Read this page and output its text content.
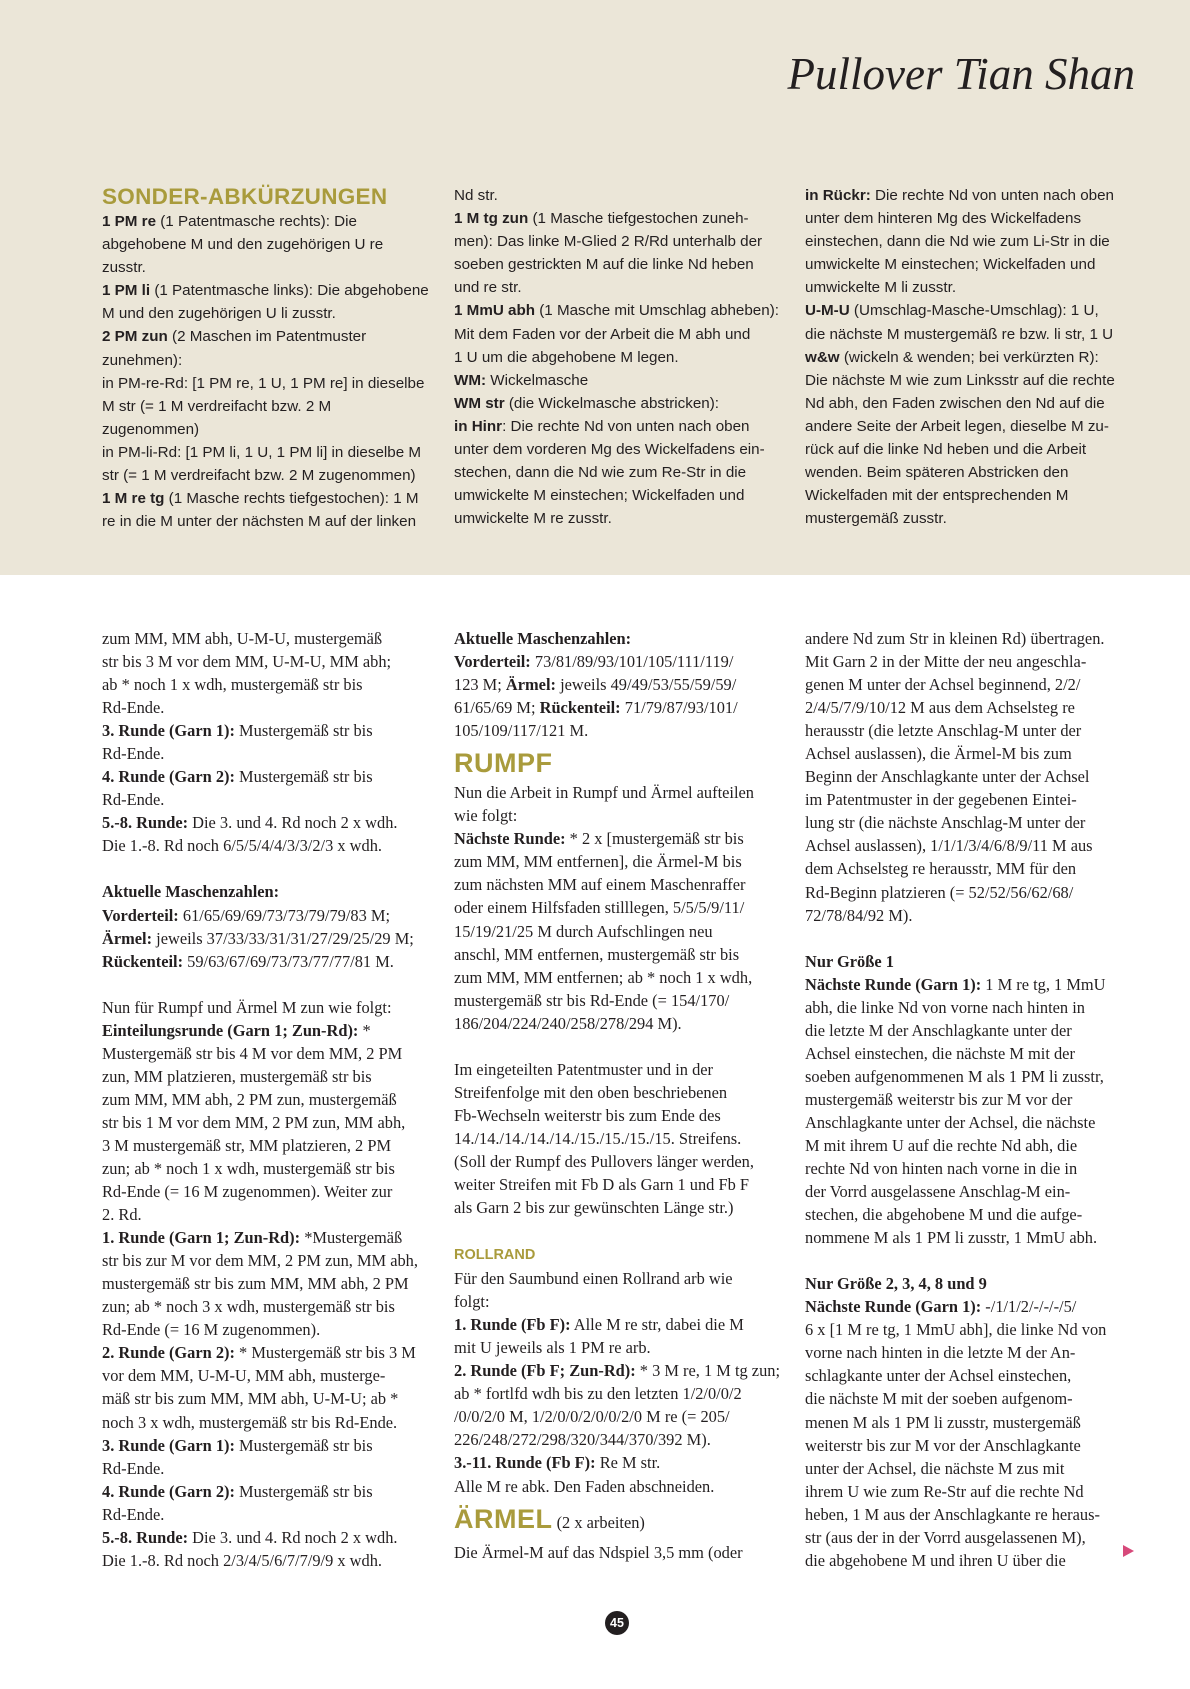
Pullover Tian Shan
SONDER-ABKÜRZUNGEN
1 PM re (1 Patentmasche rechts): Die
abgehobene M und den zugehörigen U re
zusstr.
1 PM li (1 Patentmasche links): Die abgehobene
M und den zugehörigen U li zusstr.
2 PM zun (2 Maschen im Patentmuster
zunehmen):
in PM-re-Rd: [1 PM re, 1 U, 1 PM re] in dieselbe
M str (= 1 M verdreifacht bzw. 2 M
zugenommen)
in PM-li-Rd: [1 PM li, 1 U, 1 PM li] in dieselbe M
str (= 1 M verdreifacht bzw. 2 M zugenommen)
1 M re tg (1 Masche rechts tiefgestochen): 1 M
re in die M unter der nächsten M auf der linken
Nd str.
1 M tg zun (1 Masche tiefgestochen zuneh-
men): Das linke M-Glied 2 R/Rd unterhalb der
soeben gestrickten M auf die linke Nd heben
und re str.
1 MmU abh (1 Masche mit Umschlag abheben):
Mit dem Faden vor der Arbeit die M abh und
1 U um die abgehobene M legen.
WM: Wickelmasche
WM str (die Wickelmasche abstricken):
in Hinr: Die rechte Nd von unten nach oben
unter dem vorderen Mg des Wickelfadens ein-
stechen, dann die Nd wie zum Re-Str in die
umwickelte M einstechen; Wickelfaden und
umwickelte M re zusstr.
in Rückr: Die rechte Nd von unten nach oben
unter dem hinteren Mg des Wickelfadens
einstechen, dann die Nd wie zum Li-Str in die
umwickelte M einstechen; Wickelfaden und
umwickelte M li zusstr.
U-M-U (Umschlag-Masche-Umschlag): 1 U,
die nächste M mustergemäß re bzw. li str, 1 U
w&w (wickeln & wenden; bei verkürzten R):
Die nächste M wie zum Linksstr auf die rechte
Nd abh, den Faden zwischen den Nd auf die
andere Seite der Arbeit legen, dieselbe M zu-
rück auf die linke Nd heben und die Arbeit
wenden. Beim späteren Abstricken den
Wickelfaden mit der entsprechenden M
mustergemäß zusstr.
zum MM, MM abh, U-M-U, mustergemäß
str bis 3 M vor dem MM, U-M-U, MM abh;
ab * noch 1 x wdh, mustergemäß str bis
Rd-Ende.
3. Runde (Garn 1): Mustergemäß str bis
Rd-Ende.
4. Runde (Garn 2): Mustergemäß str bis
Rd-Ende.
5.-8. Runde: Die 3. und 4. Rd noch 2 x wdh.
Die 1.-8. Rd noch 6/5/5/4/4/3/3/2/3 x wdh.
Aktuelle Maschenzahlen:
Vorderteil: 61/65/69/69/73/73/79/79/83 M;
Ärmel: jeweils 37/33/33/31/31/27/29/25/29 M;
Rückenteil: 59/63/67/69/73/73/77/77/81 M.
Nun für Rumpf und Ärmel M zun wie folgt:
Einteilungsrunde (Garn 1; Zun-Rd): *
Mustergemäß str bis 4 M vor dem MM, 2 PM
zun, MM platzieren, mustergemäß str bis
zum MM, MM abh, 2 PM zun, mustergemäß
str bis 1 M vor dem MM, 2 PM zun, MM abh,
3 M mustergemäß str, MM platzieren, 2 PM
zun; ab * noch 1 x wdh, mustergemäß str bis
Rd-Ende (= 16 M zugenommen). Weiter zur
2. Rd.
1. Runde (Garn 1; Zun-Rd): *Mustergemäß
str bis zur M vor dem MM, 2 PM zun, MM abh,
mustergemäß str bis zum MM, MM abh, 2 PM
zun; ab * noch 3 x wdh, mustergemäß str bis
Rd-Ende (= 16 M zugenommen).
2. Runde (Garn 2): * Mustergemäß str bis 3 M
vor dem MM, U-M-U, MM abh, musterge-
mäß str bis zum MM, MM abh, U-M-U; ab *
noch 3 x wdh, mustergemäß str bis Rd-Ende.
3. Runde (Garn 1): Mustergemäß str bis
Rd-Ende.
4. Runde (Garn 2): Mustergemäß str bis
Rd-Ende.
5.-8. Runde: Die 3. und 4. Rd noch 2 x wdh.
Die 1.-8. Rd noch 2/3/4/5/6/7/7/9/9 x wdh.
Aktuelle Maschenzahlen:
Vorderteil: 73/81/89/93/101/105/111/119/
123 M; Ärmel: jeweils 49/49/53/55/59/59/
61/65/69 M; Rückenteil: 71/79/87/93/101/
105/109/117/121 M.
RUMPF
Nun die Arbeit in Rumpf und Ärmel aufteilen
wie folgt:
Nächste Runde: * 2 x [mustergemäß str bis
zum MM, MM entfernen], die Ärmel-M bis
zum nächsten MM auf einem Maschenraffer
oder einem Hilfsfaden stilllegen, 5/5/5/9/11/
15/19/21/25 M durch Aufschlingen neu
anschl, MM entfernen, mustergemäß str bis
zum MM, MM entfernen; ab * noch 1 x wdh,
mustergemäß str bis Rd-Ende (= 154/170/
186/204/224/240/258/278/294 M).
Im eingeteilten Patentmuster und in der
Streifenfolge mit den oben beschriebenen
Fb-Wechseln weiterstr bis zum Ende des
14./14./14./14./14./15./15./15./15. Streifens.
(Soll der Rumpf des Pullovers länger werden,
weiter Streifen mit Fb D als Garn 1 und Fb F
als Garn 2 bis zur gewünschten Länge str.)
ROLLRAND
Für den Saumbund einen Rollrand arb wie
folgt:
1. Runde (Fb F): Alle M re str, dabei die M
mit U jeweils als 1 PM re arb.
2. Runde (Fb F; Zun-Rd): * 3 M re, 1 M tg zun;
ab * fortlfd wdh bis zu den letzten 1/2/0/0/2
/0/0/2/0 M, 1/2/0/0/2/0/0/2/0 M re (= 205/
226/248/272/298/320/344/370/392 M).
3.-11. Runde (Fb F): Re M str.
Alle M re abk. Den Faden abschneiden.
ÄRMEL (2 x arbeiten)
Die Ärmel-M auf das Ndspiel 3,5 mm (oder
andere Nd zum Str in kleinen Rd) übertragen.
Mit Garn 2 in der Mitte der neu angeschla-
genen M unter der Achsel beginnend, 2/2/
2/4/5/7/9/10/12 M aus dem Achselsteg re
herausstr (die letzte Anschlag-M unter der
Achsel auslassen), die Ärmel-M bis zum
Beginn der Anschlagkante unter der Achsel
im Patentmuster in der gegebenen Eintei-
lung str (die nächste Anschlag-M unter der
Achsel auslassen), 1/1/1/3/4/6/8/9/11 M aus
dem Achselsteg re herausstr, MM für den
Rd-Beginn platzieren (= 52/52/56/62/68/
72/78/84/92 M).
Nur Größe 1
Nächste Runde (Garn 1): 1 M re tg, 1 MmU
abh, die linke Nd von vorne nach hinten in
die letzte M der Anschlagkante unter der
Achsel einstechen, die nächste M mit der
soeben aufgenommenen M als 1 PM li zusstr,
mustergemäß weiterstr bis zur M vor der
Anschlagkante unter der Achsel, die nächste
M mit ihrem U auf die rechte Nd abh, die
rechte Nd von hinten nach vorne in die in
der Vorrd ausgelassene Anschlag-M ein-
stechen, die abgehobene M und die aufge-
nommene M als 1 PM li zusstr, 1 MmU abh.
Nur Größe 2, 3, 4, 8 und 9
Nächste Runde (Garn 1): -/1/1/2/-/-/-/5/
6 x [1 M re tg, 1 MmU abh], die linke Nd von
vorne nach hinten in die letzte M der An-
schlagkante unter der Achsel einstechen,
die nächste M mit der soeben aufgenom-
menen M als 1 PM li zusstr, mustergemäß
weiterstr bis zur M vor der Anschlagkante
unter der Achsel, die nächste M zus mit
ihrem U wie zum Re-Str auf die rechte Nd
heben, 1 M aus der Anschlagkante re heraus-
str (aus der in der Vorrd ausgelassenen M),
die abgehobene M und ihren U über die
45
